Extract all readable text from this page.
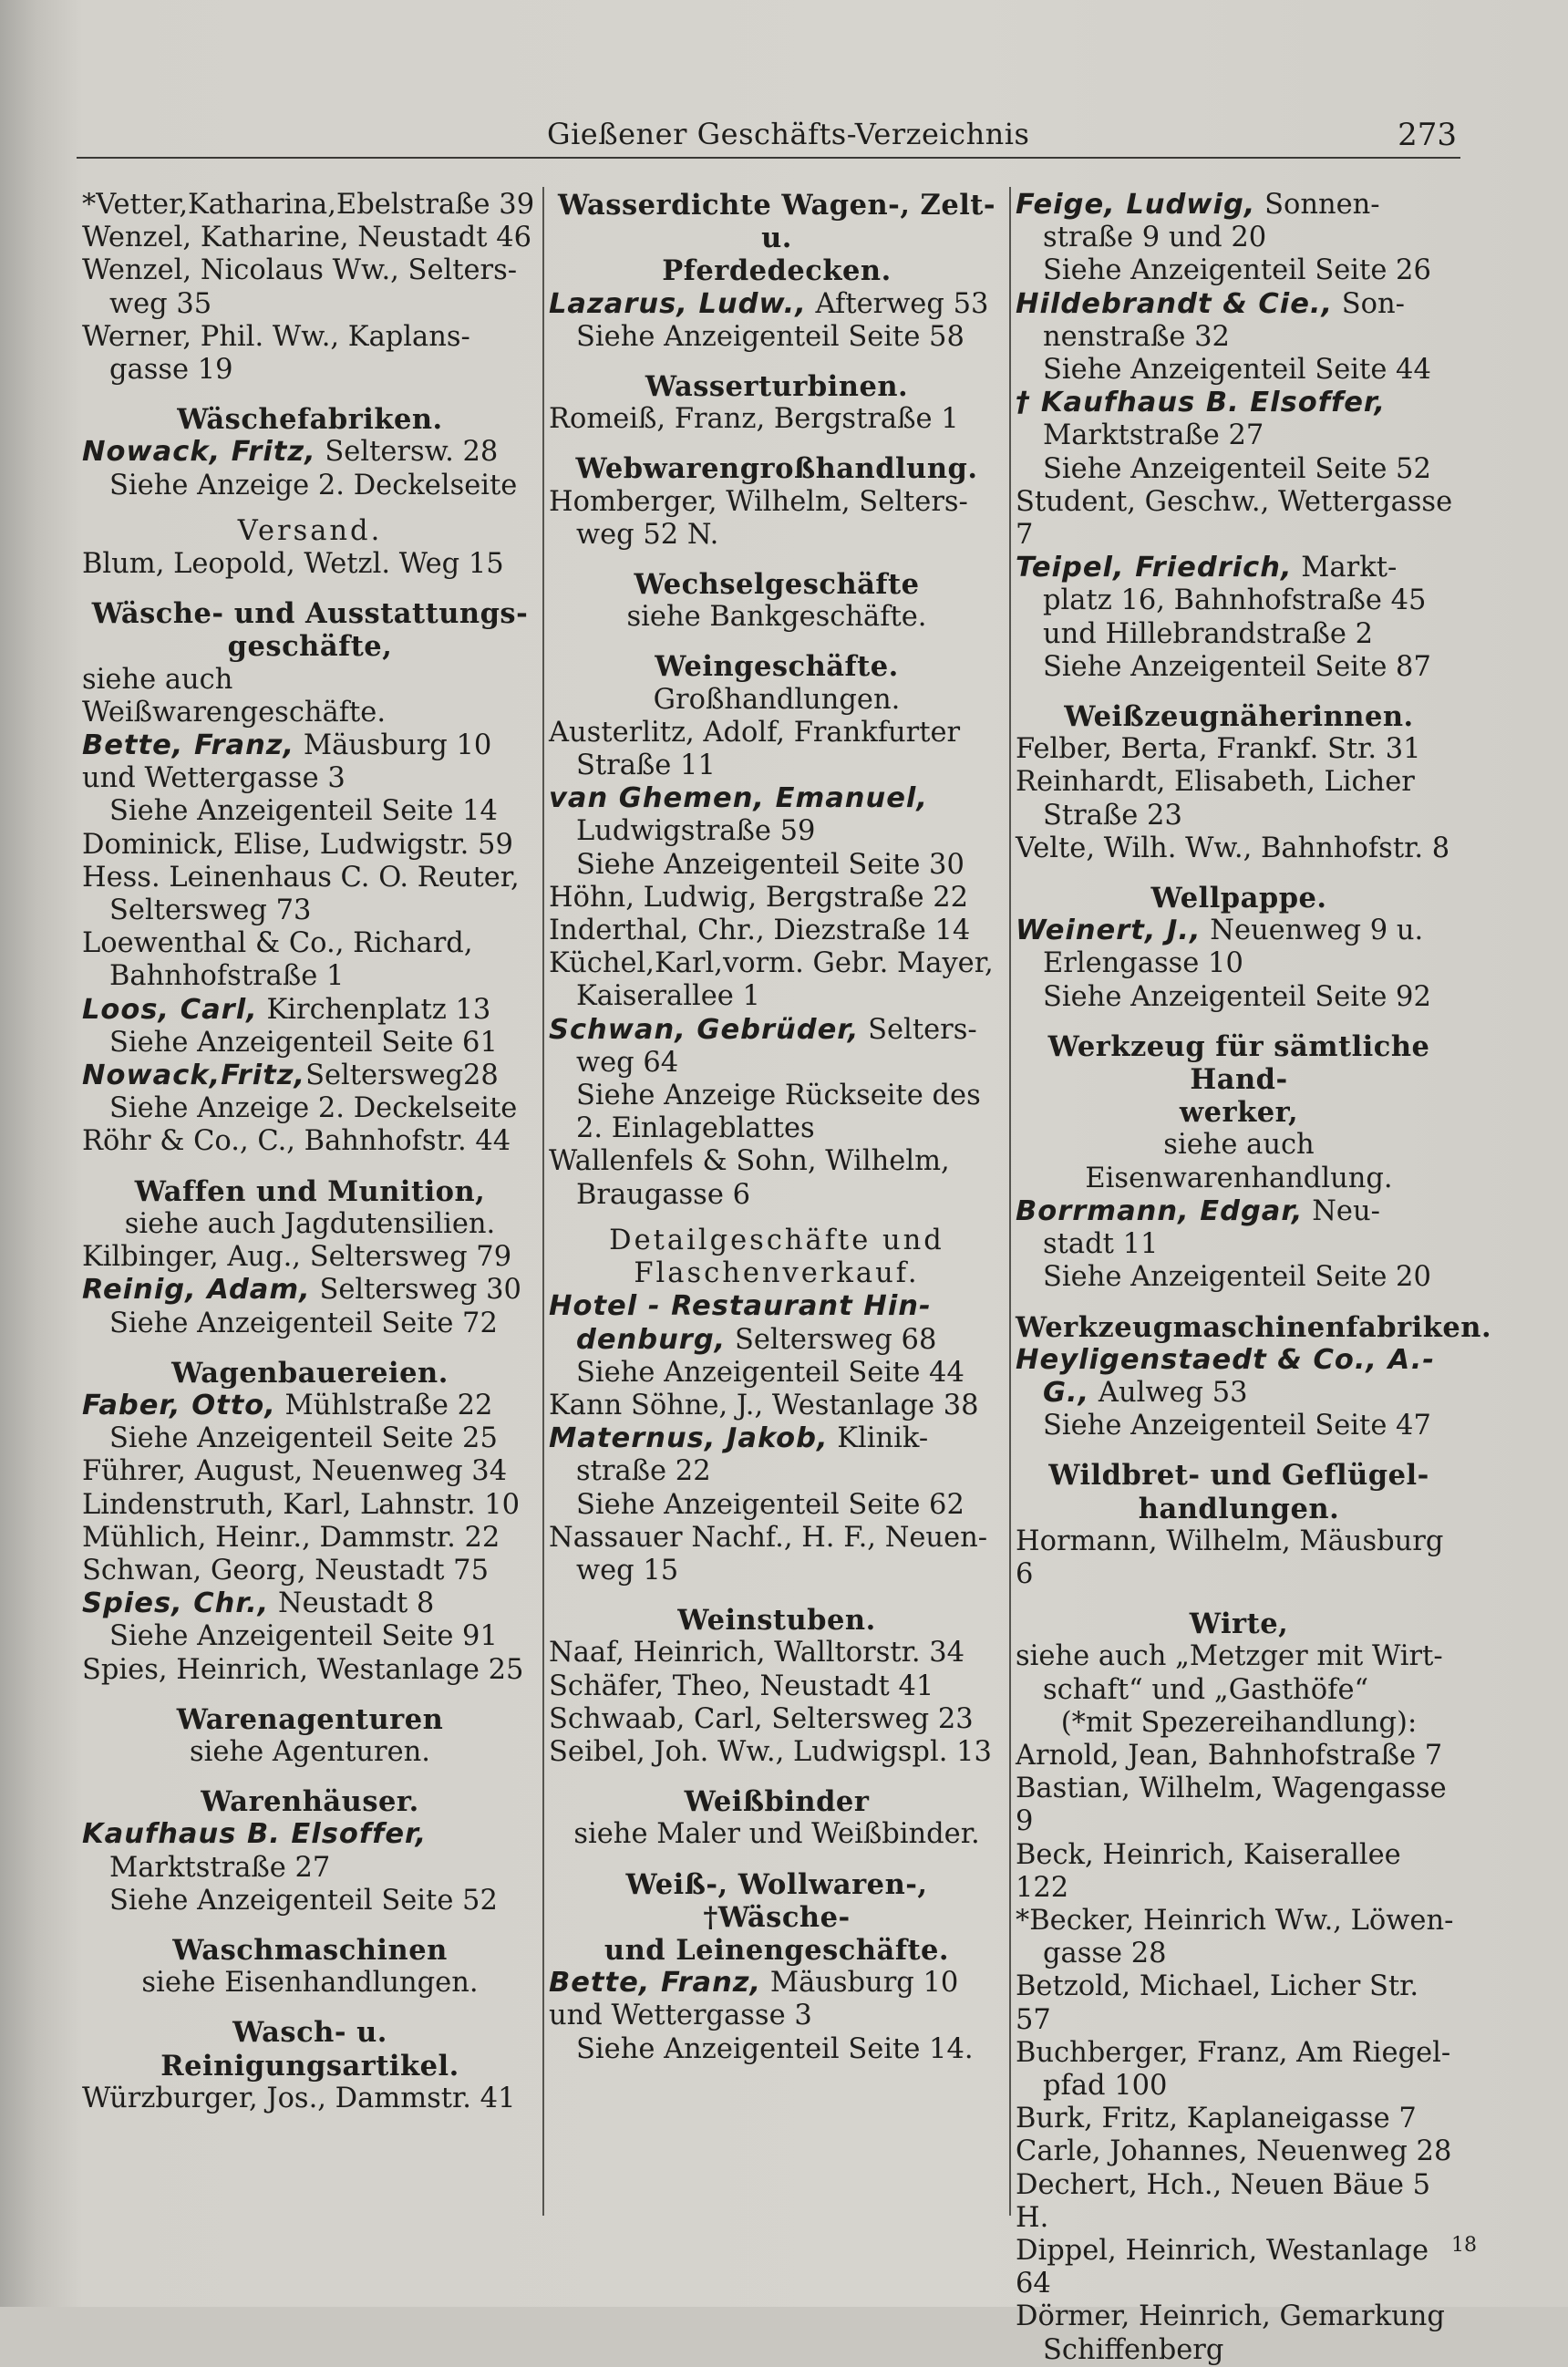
Gießener Geschäfts-Verzeichnis	273
*Vetter,Katharina,Ebelstraße 39
Wenzel, Katharine, Neustadt 46
Wenzel, Nicolaus Ww., Selters-
weg 35
Werner, Phil. Ww., Kaplans-
gasse 19
Wäschefabriken.
Nowack, Fritz, Seltersw. 28
Siehe Anzeige 2. Deckelseite
Versand.
Blum, Leopold, Wetzl. Weg 15
Wäsche- und Ausstattungs-
geschäfte,
siehe auch Weißwarengeschäfte.
Bette, Franz, Mäusburg 10
und Wettergasse 3
Siehe Anzeigenteil Seite 14
Dominick, Elise, Ludwigstr. 59
Hess. Leinenhaus C. O. Reuter,
Seltersweg 73
Loewenthal & Co., Richard,
Bahnhofstraße 1
Loos, Carl, Kirchenplatz 13
Siehe Anzeigenteil Seite 61
Nowack,Fritz,Seltersweg28
Siehe Anzeige 2. Deckelseite
Röhr & Co., C., Bahnhofstr. 44
Waffen und Munition,
siehe auch Jagdutensilien.
Kilbinger, Aug., Seltersweg 79
Reinig, Adam, Seltersweg 30
Siehe Anzeigenteil Seite 72
Wagenbauereien.
Faber, Otto, Mühlstraße 22
Siehe Anzeigenteil Seite 25
Führer, August, Neuenweg 34
Lindenstruth, Karl, Lahnstr. 10
Mühlich, Heinr., Dammstr. 22
Schwan, Georg, Neustadt 75
Spies, Chr., Neustadt 8
Siehe Anzeigenteil Seite 91
Spies, Heinrich, Westanlage 25
Warenagenturen
siehe Agenturen.
Warenhäuser.
Kaufhaus B. Elsoffer,
Marktstraße 27
Siehe Anzeigenteil Seite 52
Waschmaschinen
siehe Eisenhandlungen.
Wasch- u. Reinigungsartikel.
Würzburger, Jos., Dammstr. 41
Wasserdichte Wagen-, Zelt- u.
Pferdedecken.
Lazarus, Ludw., Afterweg 53
Siehe Anzeigenteil Seite 58
Wasserturbinen.
Romeiß, Franz, Bergstraße 1
Webwarengroßhandlung.
Homberger, Wilhelm, Selters-
weg 52 N.
Wechselgeschäfte
siehe Bankgeschäfte.
Weingeschäfte.
Großhandlungen.
Austerlitz, Adolf, Frankfurter
Straße 11
van Ghemen, Emanuel,
Ludwigstraße 59
Siehe Anzeigenteil Seite 30
Höhn, Ludwig, Bergstraße 22
Inderthal, Chr., Diezstraße 14
Küchel,Karl,vorm. Gebr. Mayer,
Kaiserallee 1
Schwan, Gebrüder, Selters-
weg 64
Siehe Anzeige Rückseite des
2. Einlageblattes
Wallenfels & Sohn, Wilhelm,
Braugasse 6
Detailgeschäfte und
Flaschenverkauf.
Hotel - Restaurant Hin-
denburg, Seltersweg 68
Siehe Anzeigenteil Seite 44
Kann Söhne, J., Westanlage 38
Maternus, Jakob, Klinik-
straße 22
Siehe Anzeigenteil Seite 62
Nassauer Nachf., H. F., Neuen-
weg 15
Weinstuben.
Naaf, Heinrich, Walltorstr. 34
Schäfer, Theo, Neustadt 41
Schwaab, Carl, Seltersweg 23
Seibel, Joh. Ww., Ludwigspl. 13
Weißbinder
siehe Maler und Weißbinder.
Weiß-, Wollwaren-, †Wäsche-
und Leinengeschäfte.
Bette, Franz, Mäusburg 10
und Wettergasse 3
Siehe Anzeigenteil Seite 14.
Feige, Ludwig, Sonnen-
straße 9 und 20
Siehe Anzeigenteil Seite 26
Hildebrandt & Cie., Son-
nenstraße 32
Siehe Anzeigenteil Seite 44
† Kaufhaus B. Elsoffer,
Marktstraße 27
Siehe Anzeigenteil Seite 52
Student, Geschw., Wettergasse 7
Teipel, Friedrich, Markt-
platz 16, Bahnhofstraße 45
und Hillebrandstraße 2
Siehe Anzeigenteil Seite 87
Weißzeugnäherinnen.
Felber, Berta, Frankf. Str. 31
Reinhardt, Elisabeth, Licher
Straße 23
Velte, Wilh. Ww., Bahnhofstr. 8
Wellpappe.
Weinert, J., Neuenweg 9 u.
Erlengasse 10
Siehe Anzeigenteil Seite 92
Werkzeug für sämtliche Hand-
werker,
siehe auch Eisenwarenhandlung.
Borrmann, Edgar, Neu-
stadt 11
Siehe Anzeigenteil Seite 20
Werkzeugmaschinenfabriken.
Heyligenstaedt & Co., A.-
G., Aulweg 53
Siehe Anzeigenteil Seite 47
Wildbret- und Geflügel-
handlungen.
Hormann, Wilhelm, Mäusburg 6
Wirte,
siehe auch „Metzger mit Wirt-
schaft“ und „Gasthöfe“
(*mit Spezereihandlung):
Arnold, Jean, Bahnhofstraße 7
Bastian, Wilhelm, Wagengasse 9
Beck, Heinrich, Kaiserallee 122
*Becker, Heinrich Ww., Löwen-
gasse 28
Betzold, Michael, Licher Str. 57
Buchberger, Franz, Am Riegel-
pfad 100
Burk, Fritz, Kaplaneigasse 7
Carle, Johannes, Neuenweg 28
Dechert, Hch., Neuen Bäue 5 H.
Dippel, Heinrich, Westanlage 64
Dörmer, Heinrich, Gemarkung
Schiffenberg
18
